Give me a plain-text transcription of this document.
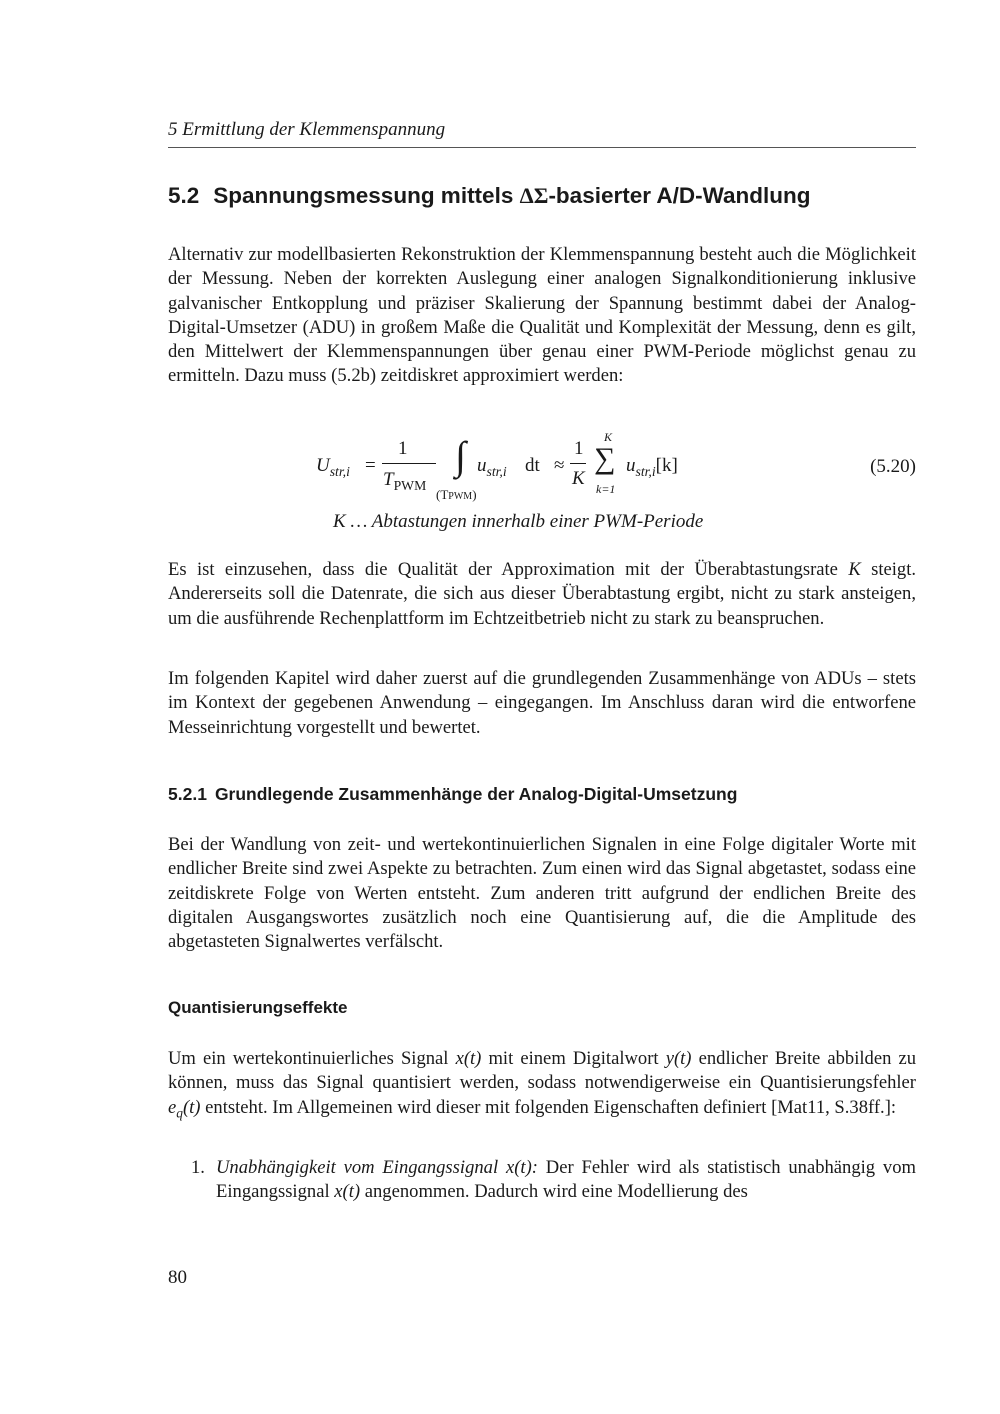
5 Ermittlung der Klemmenspannung
5.2 Spannungsmessung mittels ΔΣ-basierter A/D-Wandlung

Alternativ zur modellbasierten Rekonstruktion der Klemmenspannung besteht auch die Möglichkeit der Messung. Neben der korrekten Auslegung einer analogen Signalkonditionierung inklusive galvanischer Entkopplung und präziser Skalierung der Spannung bestimmt dabei der Analog-Digital-Umsetzer (ADU) in großem Maße die Qualität und Komplexität der Messung, denn es gilt, den Mittelwert der Klemmenspannungen über genau einer PWM-Periode möglichst genau zu ermitteln. Dazu muss (5.2b) zeitdiskret approximiert werden:

$U_{str,i}$ =
1
$T_{PWM}$
∫
(TPWM)
$u_{str,i}$ dt ≈
1
K
K
∑
k=1
$u_{str,i}[k]$	(5.20)
K … Abtastungen innerhalb einer PWM-Periode

Es ist einzusehen, dass die Qualität der Approximation mit der Überabtastungsrate K steigt. Andererseits soll die Datenrate, die sich aus dieser Überabtastung ergibt, nicht zu stark ansteigen, um die ausführende Rechenplattform im Echtzeitbetrieb nicht zu stark zu beanspruchen.

Im folgenden Kapitel wird daher zuerst auf die grundlegenden Zusammenhänge von ADUs – stets im Kontext der gegebenen Anwendung – eingegangen. Im Anschluss daran wird die entworfene Messeinrichtung vorgestellt und bewertet.

5.2.1 Grundlegende Zusammenhänge der Analog-Digital-Umsetzung

Bei der Wandlung von zeit- und wertekontinuierlichen Signalen in eine Folge digitaler Worte mit endlicher Breite sind zwei Aspekte zu betrachten. Zum einen wird das Signal abgetastet, sodass eine zeitdiskrete Folge von Werten entsteht. Zum anderen tritt aufgrund der endlichen Breite des digitalen Ausgangswortes zusätzlich noch eine Quantisierung auf, die die Amplitude des abgetasteten Signalwertes verfälscht.

Quantisierungseffekte

Um ein wertekontinuierliches Signal x(t) mit einem Digitalwort y(t) endlicher Breite abbilden zu können, muss das Signal quantisiert werden, sodass notwendigerweise ein Quantisierungsfehler $e_q(t)$ entsteht. Im Allgemeinen wird dieser mit folgenden Eigenschaften definiert [Mat11, S.38ff.]:

1. Unabhängigkeit vom Eingangssignal x(t): Der Fehler wird als statistisch unabhängig vom Eingangssignal x(t) angenommen. Dadurch wird eine Modellierung des

80
